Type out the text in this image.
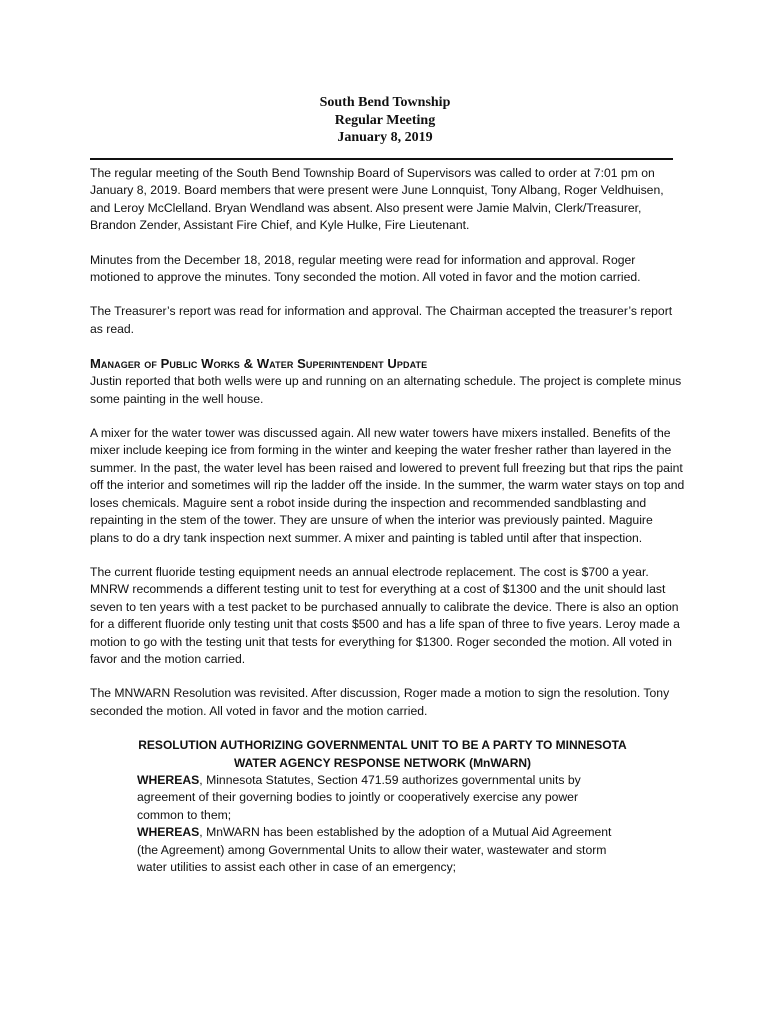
South Bend Township
Regular Meeting
January 8, 2019

The regular meeting of the South Bend Township Board of Supervisors was called to order at 7:01 pm on January 8, 2019. Board members that were present were June Lonnquist, Tony Albang, Roger Veldhuisen, and Leroy McClelland. Bryan Wendland was absent. Also present were Jamie Malvin, Clerk/Treasurer, Brandon Zender, Assistant Fire Chief, and Kyle Hulke, Fire Lieutenant.

Minutes from the December 18, 2018, regular meeting were read for information and approval. Roger motioned to approve the minutes. Tony seconded the motion. All voted in favor and the motion carried.

The Treasurer’s report was read for information and approval. The Chairman accepted the treasurer’s report as read.

Manager of Public Works & Water Superintendent Update

Justin reported that both wells were up and running on an alternating schedule. The project is complete minus some painting in the well house.

A mixer for the water tower was discussed again. All new water towers have mixers installed. Benefits of the mixer include keeping ice from forming in the winter and keeping the water fresher rather than layered in the summer. In the past, the water level has been raised and lowered to prevent full freezing but that rips the paint off the interior and sometimes will rip the ladder off the inside. In the summer, the warm water stays on top and loses chemicals. Maguire sent a robot inside during the inspection and recommended sandblasting and repainting in the stem of the tower. They are unsure of when the interior was previously painted. Maguire plans to do a dry tank inspection next summer. A mixer and painting is tabled until after that inspection.

The current fluoride testing equipment needs an annual electrode replacement. The cost is $700 a year. MNRW recommends a different testing unit to test for everything at a cost of $1300 and the unit should last seven to ten years with a test packet to be purchased annually to calibrate the device. There is also an option for a different fluoride only testing unit that costs $500 and has a life span of three to five years. Leroy made a motion to go with the testing unit that tests for everything for $1300. Roger seconded the motion. All voted in favor and the motion carried.

The MNWARN Resolution was revisited. After discussion, Roger made a motion to sign the resolution. Tony seconded the motion. All voted in favor and the motion carried.

RESOLUTION AUTHORIZING GOVERNMENTAL UNIT TO BE A PARTY TO MINNESOTA
WATER AGENCY RESPONSE NETWORK (MnWARN)
WHEREAS, Minnesota Statutes, Section 471.59 authorizes governmental units by agreement of their governing bodies to jointly or cooperatively exercise any power common to them;
WHEREAS, MnWARN has been established by the adoption of a Mutual Aid Agreement (the Agreement) among Governmental Units to allow their water, wastewater and storm water utilities to assist each other in case of an emergency;
